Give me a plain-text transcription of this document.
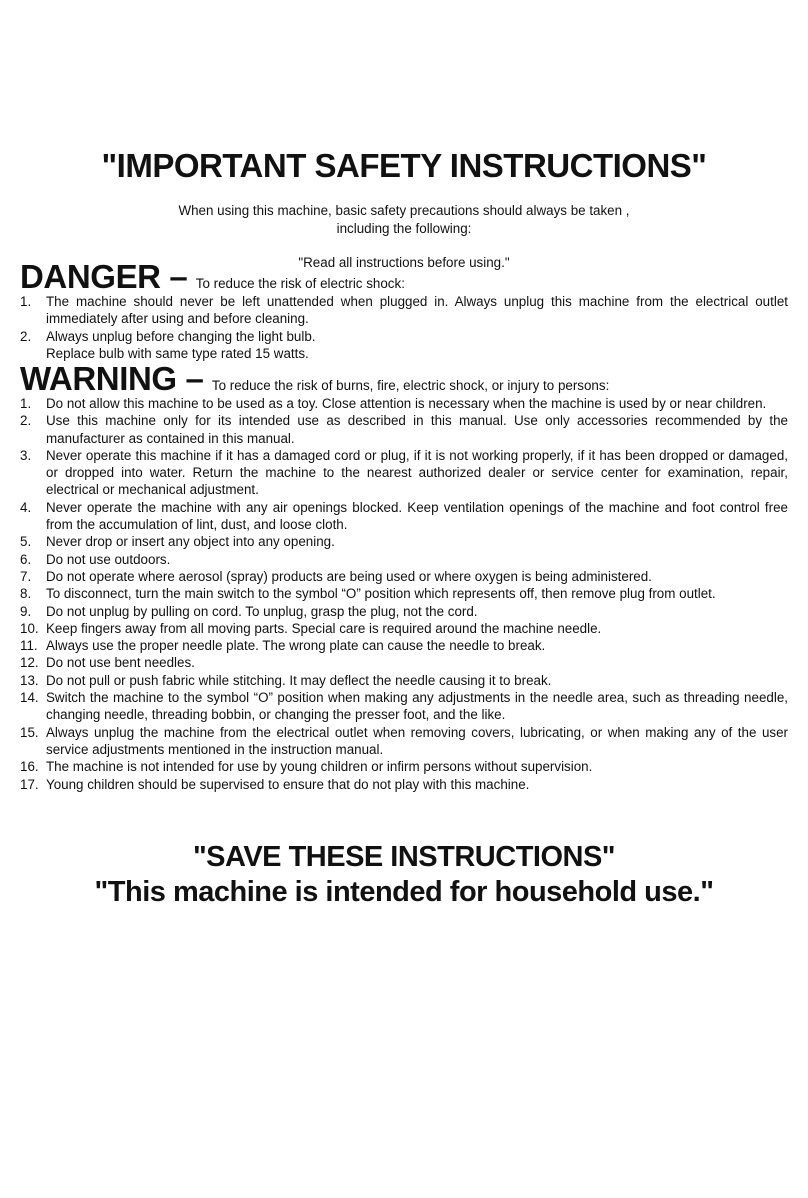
"IMPORTANT SAFETY INSTRUCTIONS"
When using this machine, basic safety precautions should always be taken ,
including the following:
"Read all instructions before using."
DANGER – To reduce the risk of electric shock:
1. The machine should never be left unattended when plugged in. Always unplug this machine from the electrical outlet immediately after using and before cleaning.
2. Always unplug before changing the light bulb.
Replace bulb with same type rated 15 watts.
WARNING – To reduce the risk of burns, fire, electric shock, or injury to persons:
1. Do not allow this machine to be used as a toy. Close attention is necessary when the machine is used by or near children.
2. Use this machine only for its intended use as described in this manual. Use only accessories recommended by the manufacturer as contained in this manual.
3. Never operate this machine if it has a damaged cord or plug, if it is not working properly, if it has been dropped or damaged, or dropped into water. Return the machine to the nearest authorized dealer or service center for examination, repair, electrical or mechanical adjustment.
4. Never operate the machine with any air openings blocked. Keep ventilation openings of the machine and foot control free from the accumulation of lint, dust, and loose cloth.
5. Never drop or insert any object into any opening.
6. Do not use outdoors.
7. Do not operate where aerosol (spray) products are being used or where oxygen is being administered.
8. To disconnect, turn the main switch to the symbol “O” position which represents off, then remove plug from outlet.
9. Do not unplug by pulling on cord. To unplug, grasp the plug, not the cord.
10. Keep fingers away from all moving parts. Special care is required around the machine needle.
11. Always use the proper needle plate. The wrong plate can cause the needle to break.
12. Do not use bent needles.
13. Do not pull or push fabric while stitching. It may deflect the needle causing it to break.
14. Switch the machine to the symbol “O” position when making any adjustments in the needle area, such as threading needle, changing needle, threading bobbin, or changing the presser foot, and the like.
15. Always unplug the machine from the electrical outlet when removing covers, lubricating, or when making any of the user service adjustments mentioned in the instruction manual.
16. The machine is not intended for use by young children or infirm persons without supervision.
17. Young children should be supervised to ensure that do not play with this machine.
"SAVE THESE INSTRUCTIONS"
"This machine is intended for household use."
